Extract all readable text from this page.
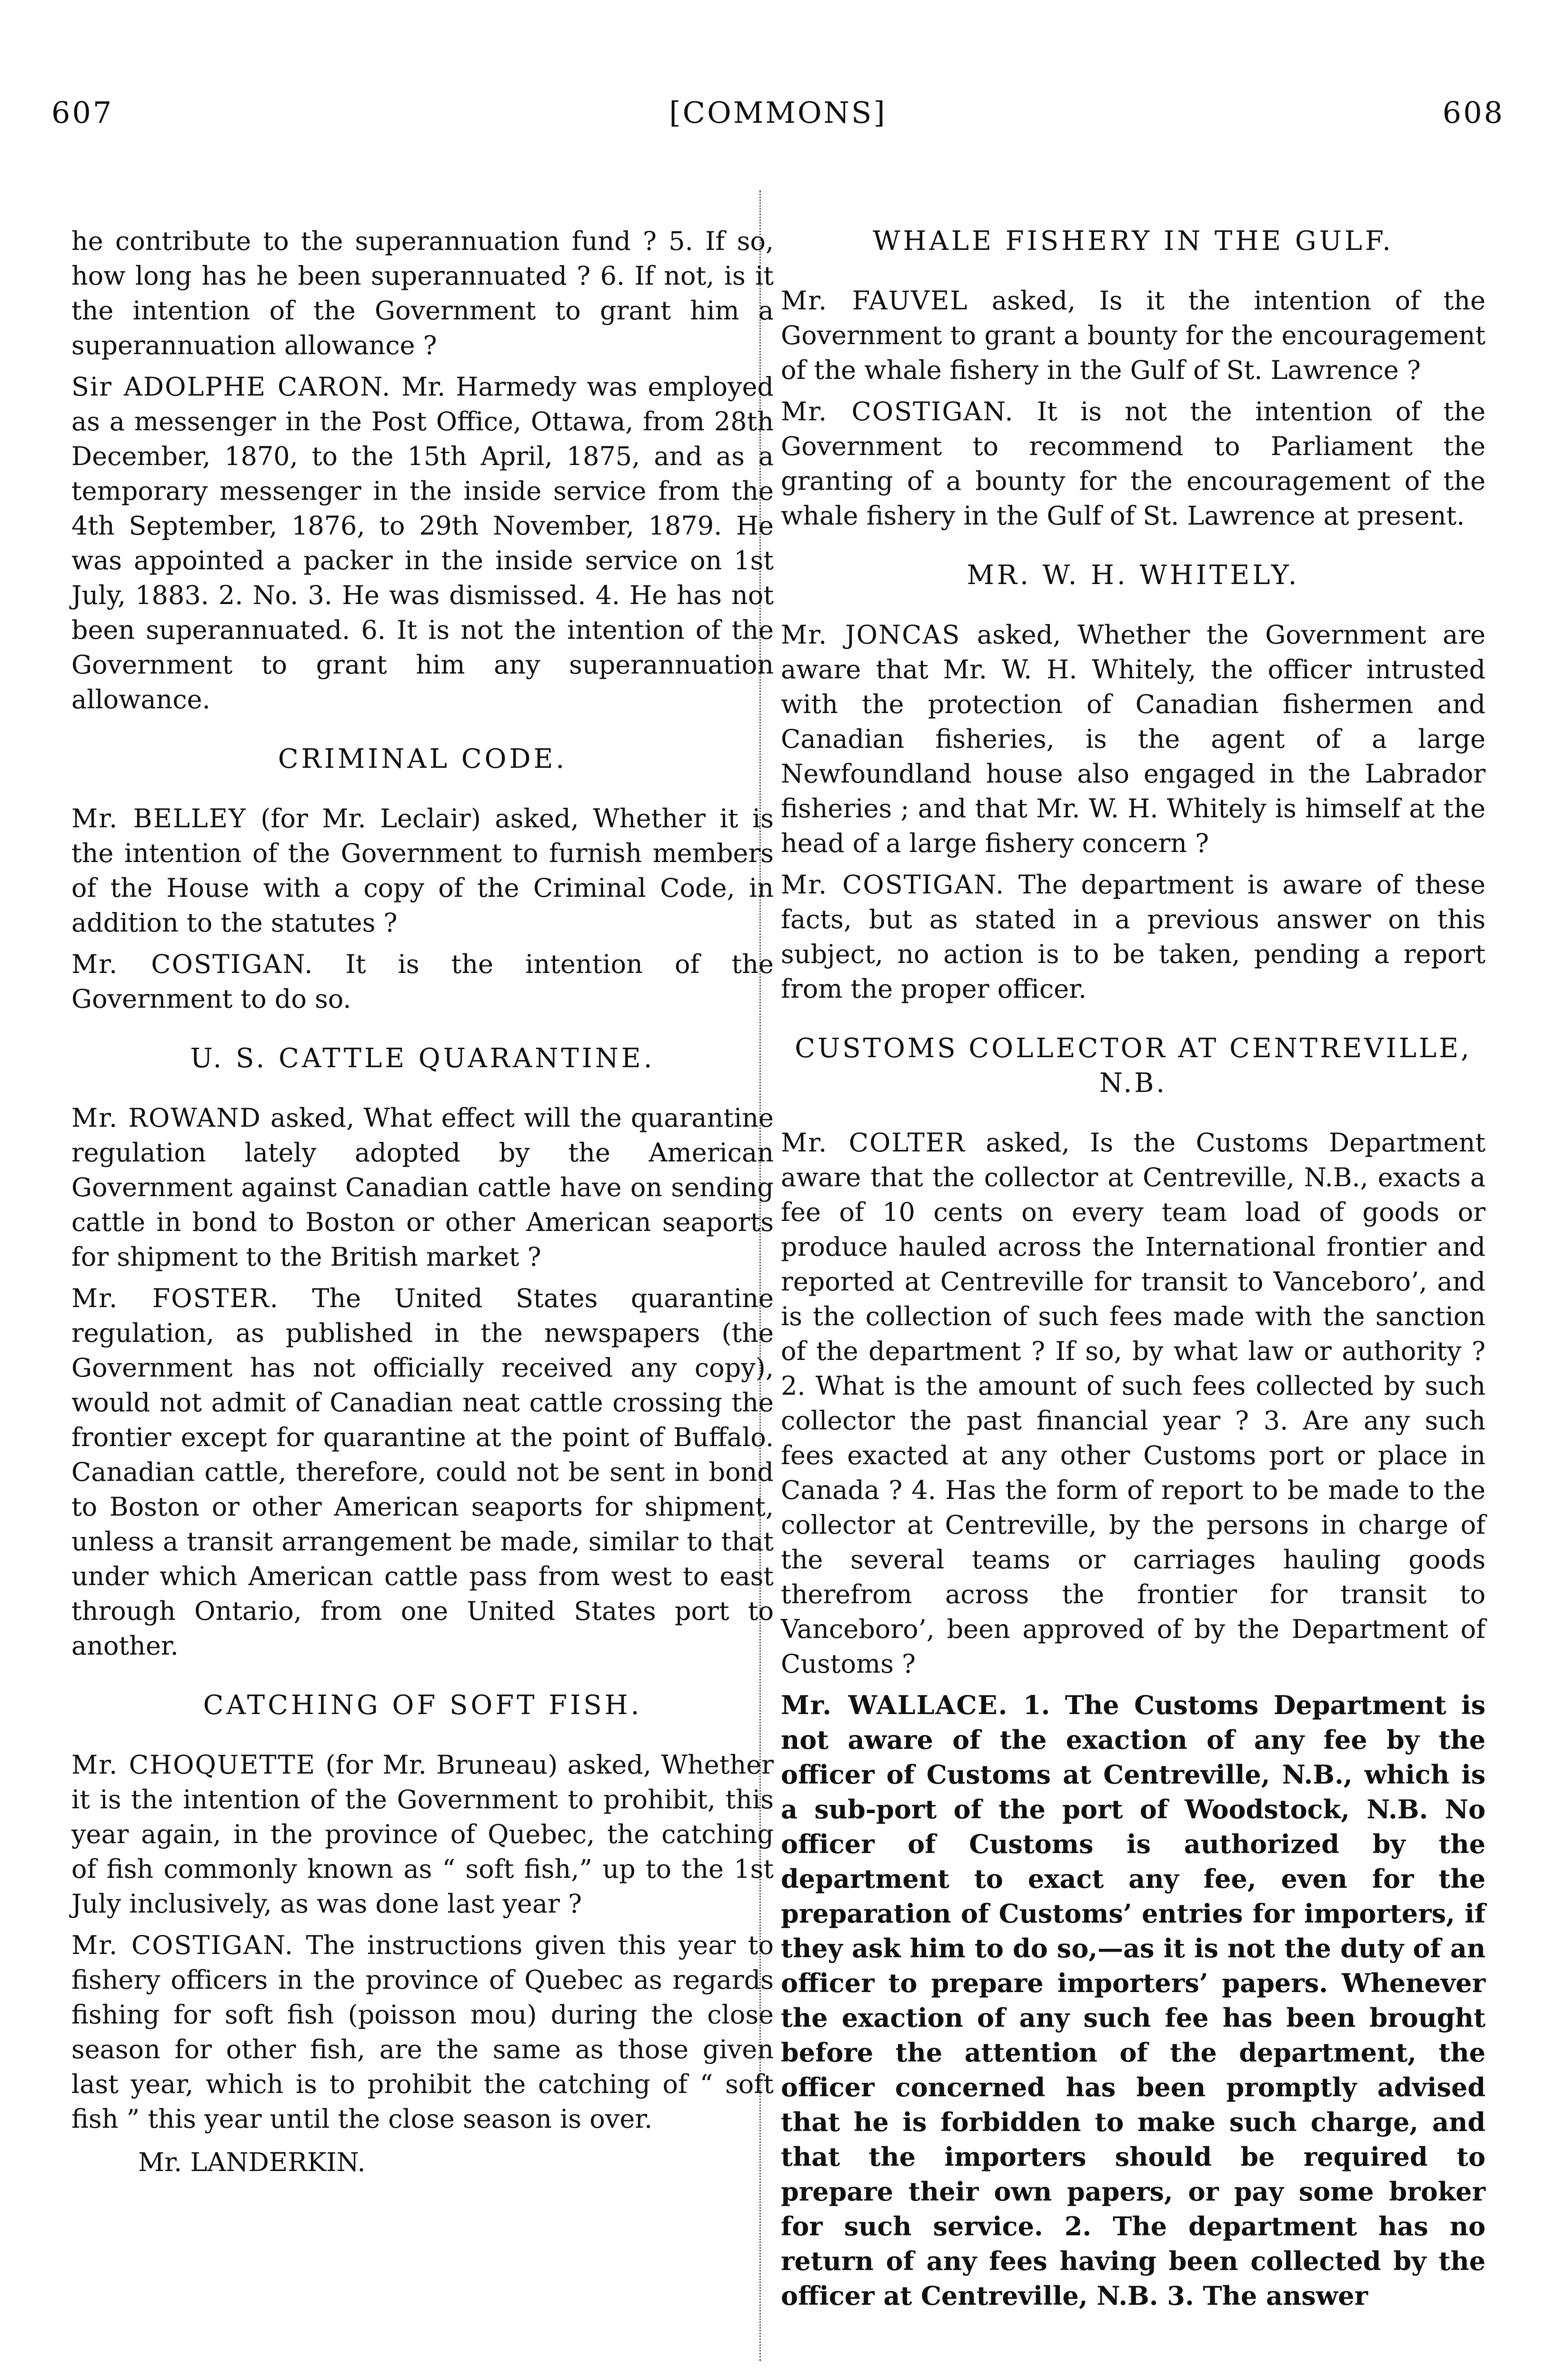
607	[COMMONS]	608

he contribute to the superannuation fund ? 5. If so, how long has he been superannuated ? 6. If not, is it the intention of the Government to grant him a superannuation allowance ?

Sir ADOLPHE CARON. Mr. Harmedy was employed as a messenger in the Post Office, Ottawa, from 28th December, 1870, to the 15th April, 1875, and as a temporary messenger in the inside service from the 4th September, 1876, to 29th November, 1879. He was appointed a packer in the inside service on 1st July, 1883. 2. No. 3. He was dismissed. 4. He has not been superannuated. 6. It is not the intention of the Government to grant him any superannuation allowance.

CRIMINAL CODE.

Mr. BELLEY (for Mr. Leclair) asked, Whether it is the intention of the Government to furnish members of the House with a copy of the Criminal Code, in addition to the statutes ?

Mr. COSTIGAN. It is the intention of the Government to do so.

U. S. CATTLE QUARANTINE.

Mr. ROWAND asked, What effect will the quarantine regulation lately adopted by the American Government against Canadian cattle have on sending cattle in bond to Boston or other American seaports for shipment to the British market ?

Mr. FOSTER. The United States quarantine regulation, as published in the newspapers (the Government has not officially received any copy), would not admit of Canadian neat cattle crossing the frontier except for quarantine at the point of Buffalo. Canadian cattle, therefore, could not be sent in bond to Boston or other American seaports for shipment, unless a transit arrangement be made, similar to that under which American cattle pass from west to east through Ontario, from one United States port to another.

CATCHING OF SOFT FISH.

Mr. CHOQUETTE (for Mr. Bruneau) asked, Whether it is the intention of the Government to prohibit, this year again, in the province of Quebec, the catching of fish commonly known as “ soft fish,” up to the 1st July inclusively, as was done last year ?

Mr. COSTIGAN. The instructions given this year to fishery officers in the province of Quebec as regards fishing for soft fish (poisson mou) during the close season for other fish, are the same as those given last year, which is to prohibit the catching of “ soft fish ” this year until the close season is over.

Mr. LANDERKIN.

WHALE FISHERY IN THE GULF.

Mr. FAUVEL asked, Is it the intention of the Government to grant a bounty for the encouragement of the whale fishery in the Gulf of St. Lawrence ?

Mr. COSTIGAN. It is not the intention of the Government to recommend to Parliament the granting of a bounty for the encouragement of the whale fishery in the Gulf of St. Lawrence at present.

MR. W. H. WHITELY.

Mr. JONCAS asked, Whether the Government are aware that Mr. W. H. Whitely, the officer intrusted with the protection of Canadian fishermen and Canadian fisheries, is the agent of a large Newfoundland house also engaged in the Labrador fisheries ; and that Mr. W. H. Whitely is himself at the head of a large fishery concern ?

Mr. COSTIGAN. The department is aware of these facts, but as stated in a previous answer on this subject, no action is to be taken, pending a report from the proper officer.

CUSTOMS COLLECTOR AT CENTREVILLE, N.B.

Mr. COLTER asked, Is the Customs Department aware that the collector at Centreville, N.B., exacts a fee of 10 cents on every team load of goods or produce hauled across the International frontier and reported at Centreville for transit to Vanceboro’, and is the collection of such fees made with the sanction of the department ? If so, by what law or authority ? 2. What is the amount of such fees collected by such collector the past financial year ? 3. Are any such fees exacted at any other Customs port or place in Canada ? 4. Has the form of report to be made to the collector at Centreville, by the persons in charge of the several teams or carriages hauling goods therefrom across the frontier for transit to Vanceboro’, been approved of by the Department of Customs ?

Mr. WALLACE. 1. The Customs Department is not aware of the exaction of any fee by the officer of Customs at Centreville, N.B., which is a sub-port of the port of Woodstock, N.B. No officer of Customs is authorized by the department to exact any fee, even for the preparation of Customs’ entries for importers, if they ask him to do so,—as it is not the duty of an officer to prepare importers’ papers. Whenever the exaction of any such fee has been brought before the attention of the department, the officer concerned has been promptly advised that he is forbidden to make such charge, and that the importers should be required to prepare their own papers, or pay some broker for such service. 2. The department has no return of any fees having been collected by the officer at Centreville, N.B. 3. The answer
